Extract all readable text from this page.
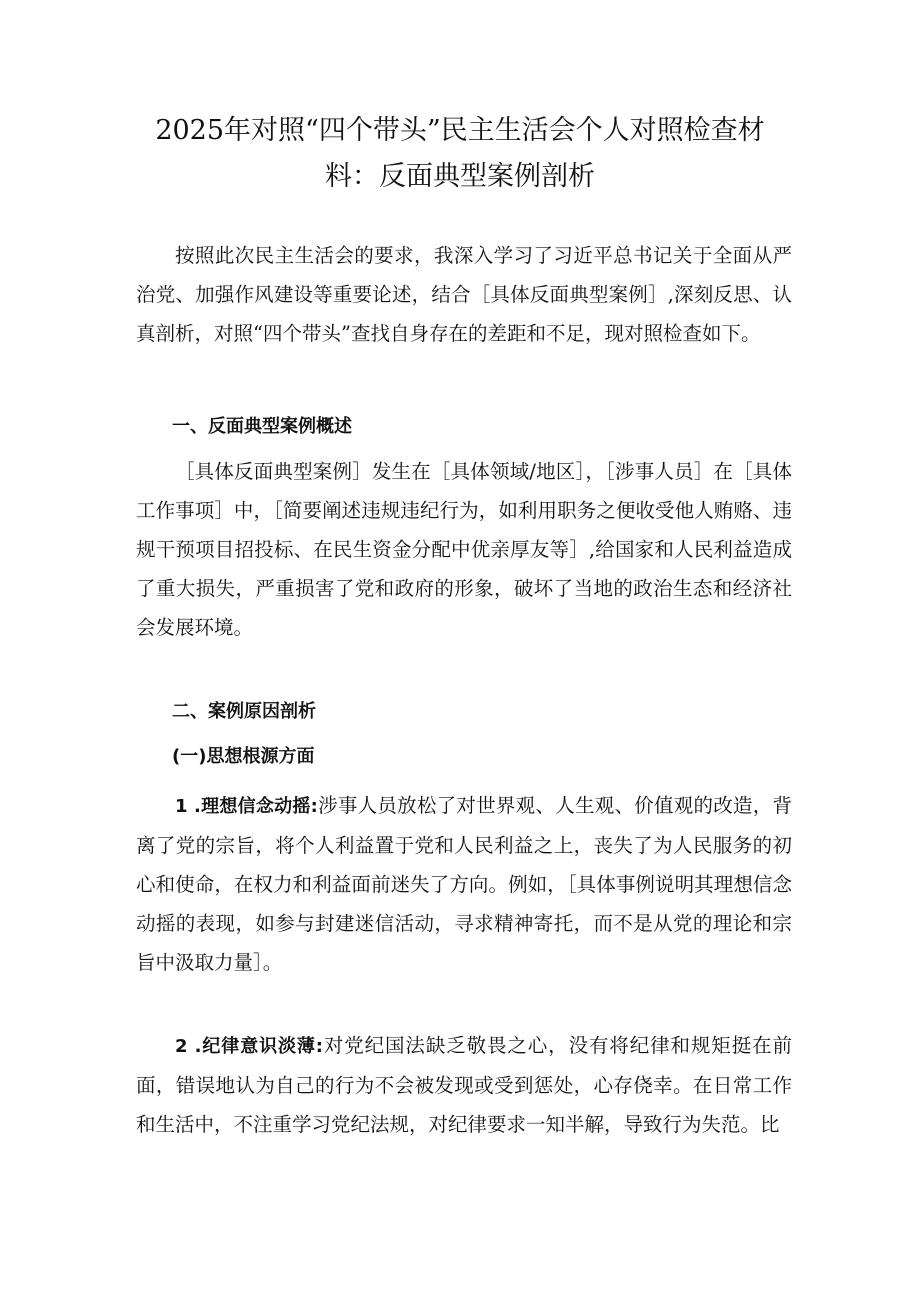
2025年对照“四个带头”民主生活会个人对照检查材
料：反面典型案例剖析

按照此次民主生活会的要求，我深入学习了习近平总书记关于全面从严治党、加强作风建设等重要论述，结合［具体反面典型案例］,深刻反思、认真剖析，对照“四个带头”查找自身存在的差距和不足，现对照检查如下。

一、反面典型案例概述

［具体反面典型案例］发生在［具体领域/地区］，［涉事人员］在［具体工作事项］中，［简要阐述违规违纪行为，如利用职务之便收受他人贿赂、违规干预项目招投标、在民生资金分配中优亲厚友等］,给国家和人民利益造成了重大损失，严重损害了党和政府的形象，破坏了当地的政治生态和经济社会发展环境。

二、案例原因剖析

(一)思想根源方面

1 .理想信念动摇:涉事人员放松了对世界观、人生观、价值观的改造，背离了党的宗旨，将个人利益置于党和人民利益之上，丧失了为人民服务的初心和使命，在权力和利益面前迷失了方向。例如，［具体事例说明其理想信念动摇的表现，如参与封建迷信活动，寻求精神寄托，而不是从党的理论和宗旨中汲取力量］。

2 .纪律意识淡薄:对党纪国法缺乏敬畏之心，没有将纪律和规矩挺在前面，错误地认为自己的行为不会被发现或受到惩处，心存侥幸。在日常工作和生活中，不注重学习党纪法规，对纪律要求一知半解，导致行为失范。比
